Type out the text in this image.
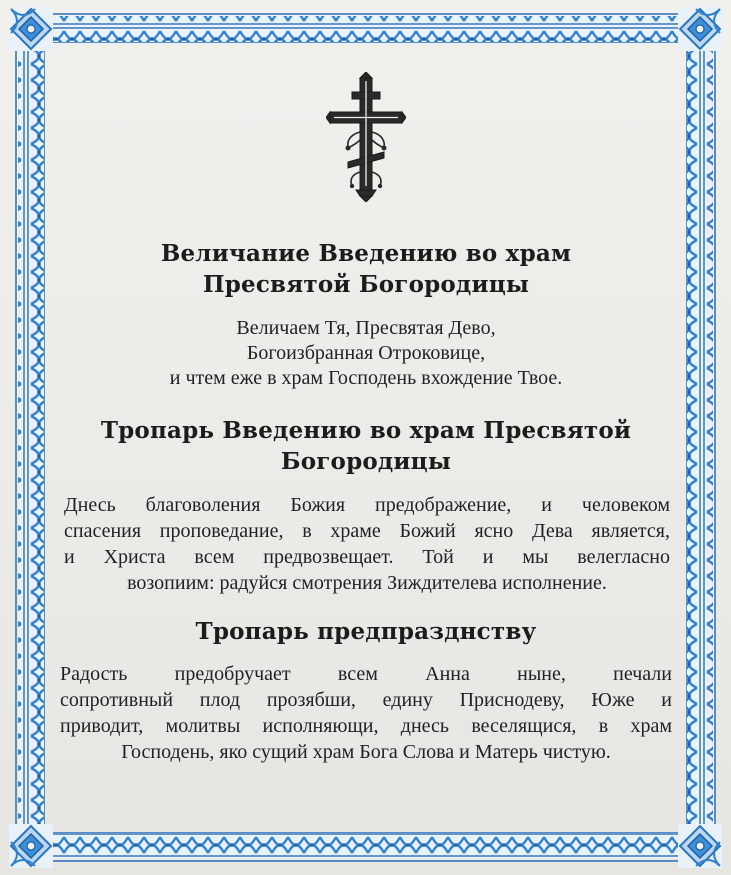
Величание Введению во храм
Пресвятой Богородицы

Величаем Тя, Пресвятая Дево,
Богоизбранная Отроковице,
и чтем еже в храм Господень вхождение Твое.

Тропарь Введению во храм Пресвятой
Богородицы

Днесь благоволения Божия предображение, и человеком
спасения проповедание, в храме Божий ясно Дева является,
и Христа всем предвозвещает. Той и мы велегласно
возопиим: радуйся смотрения Зиждителева исполнение.

Тропарь предпразднству

Радость предобручает всем Анна ныне, печали
сопротивный плод прозябши, едину Приснодеву, Юже и
приводит, молитвы исполняющи, днесь веселящися, в храм
Господень, яко сущий храм Бога Слова и Матерь чистую.
